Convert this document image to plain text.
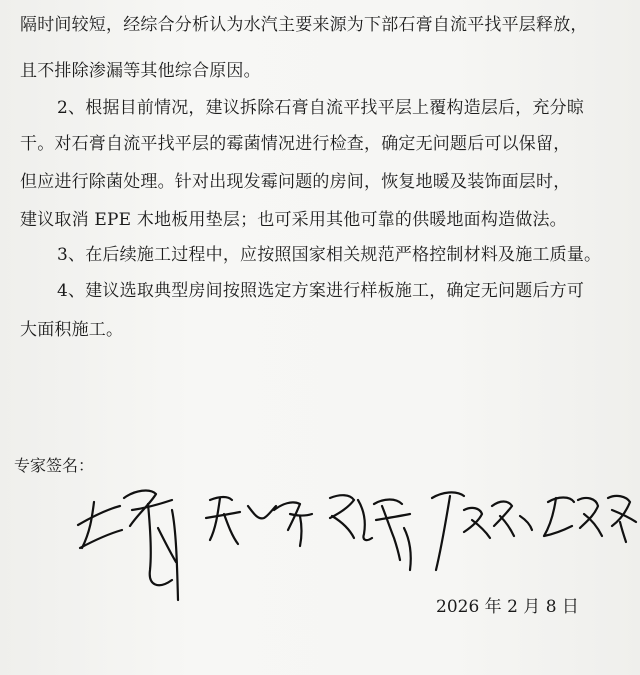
隔时间较短，经综合分析认为水汽主要来源为下部石膏自流平找平层释放，
且不排除渗漏等其他综合原因。
2、根据目前情况，建议拆除石膏自流平找平层上覆构造层后，充分晾
干。对石膏自流平找平层的霉菌情况进行检查，确定无问题后可以保留，
但应进行除菌处理。针对出现发霉问题的房间，恢复地暖及装饰面层时，
建议取消 EPE 木地板用垫层；也可采用其他可靠的供暖地面构造做法。
3、在后续施工过程中，应按照国家相关规范严格控制材料及施工质量。
4、建议选取典型房间按照选定方案进行样板施工，确定无问题后方可
大面积施工。
专家签名：
2026 年 2 月 8 日
